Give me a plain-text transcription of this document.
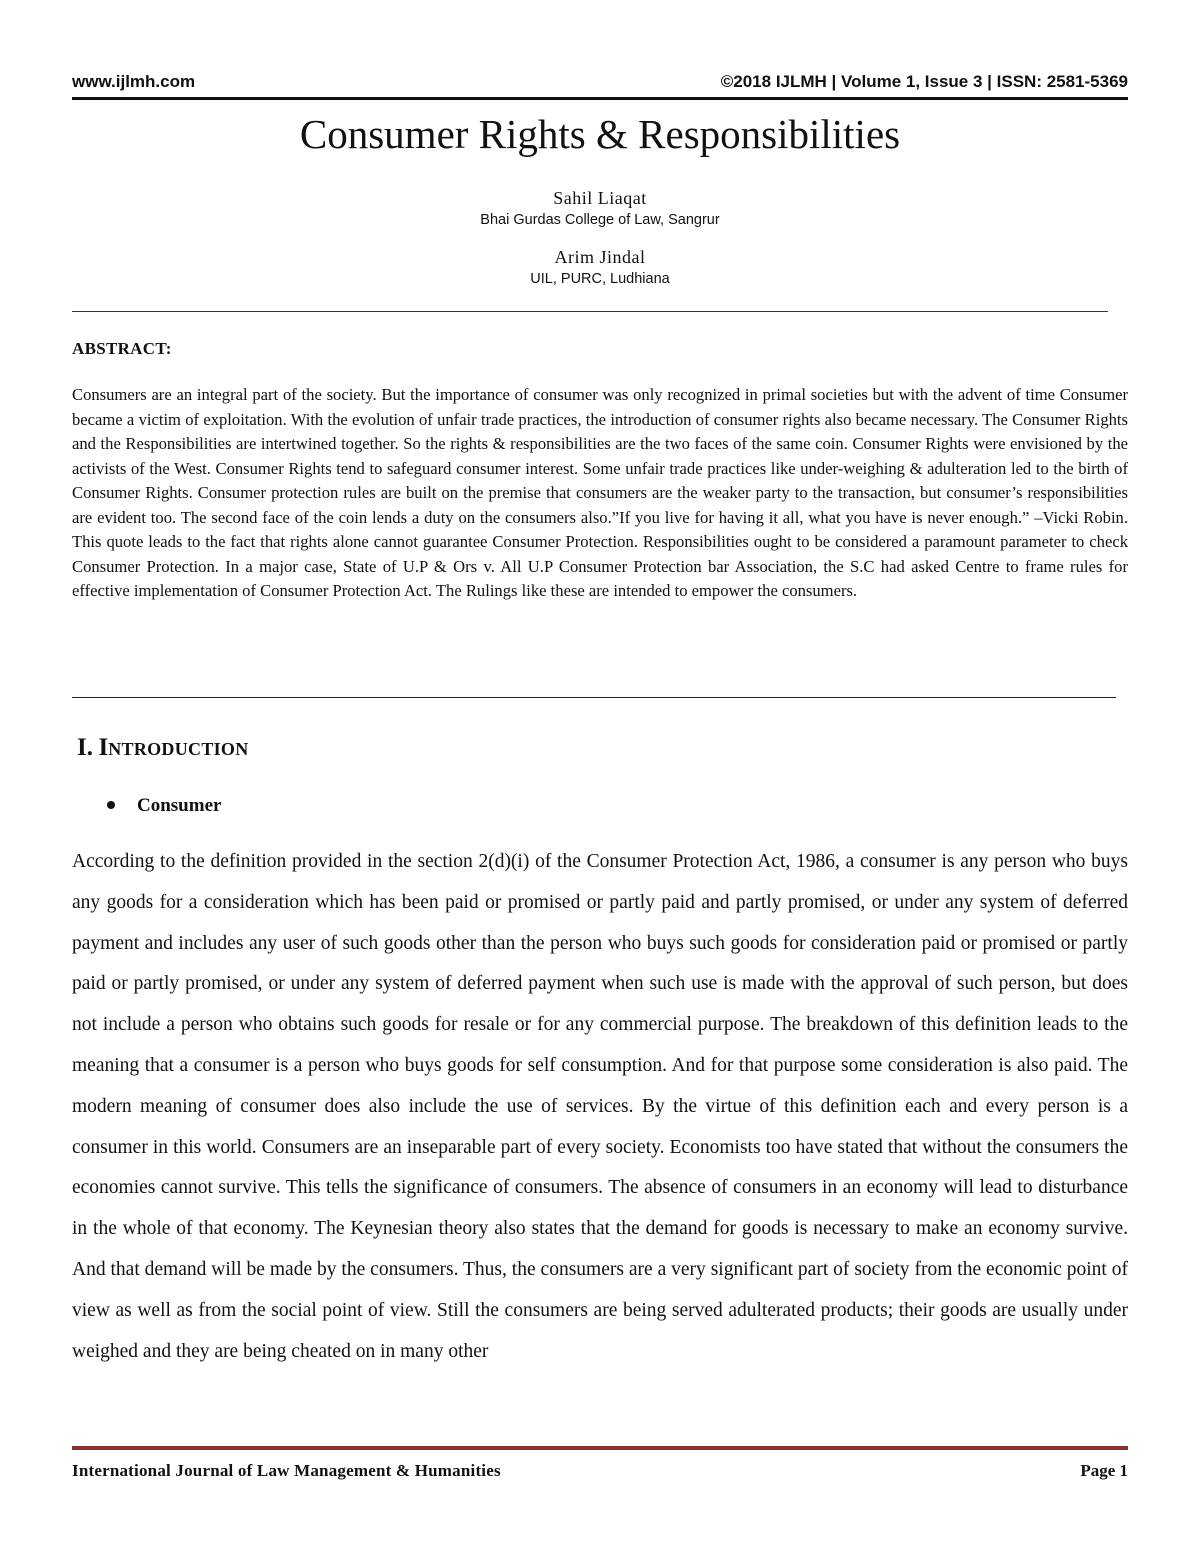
www.ijlmh.com	©2018 IJLMH | Volume 1, Issue 3 | ISSN: 2581-5369
Consumer Rights & Responsibilities
Sahil Liaqat
Bhai Gurdas College of Law, Sangrur
Arim Jindal
UIL, PURC, Ludhiana
ABSTRACT:
Consumers are an integral part of the society. But the importance of consumer was only recognized in primal societies but with the advent of time Consumer became a victim of exploitation. With the evolution of unfair trade practices, the introduction of consumer rights also became necessary. The Consumer Rights and the Responsibilities are intertwined together. So the rights & responsibilities are the two faces of the same coin. Consumer Rights were envisioned by the activists of the West. Consumer Rights tend to safeguard consumer interest. Some unfair trade practices like under-weighing & adulteration led to the birth of Consumer Rights. Consumer protection rules are built on the premise that consumers are the weaker party to the transaction, but consumer’s responsibilities are evident too. The second face of the coin lends a duty on the consumers also.”If you live for having it all, what you have is never enough.” –Vicki Robin. This quote leads to the fact that rights alone cannot guarantee Consumer Protection. Responsibilities ought to be considered a paramount parameter to check Consumer Protection. In a major case, State of U.P & Ors v. All U.P Consumer Protection bar Association, the S.C had asked Centre to frame rules for effective implementation of Consumer Protection Act. The Rulings like these are intended to empower the consumers.
I. INTRODUCTION
Consumer
According to the definition provided in the section 2(d)(i) of the Consumer Protection Act, 1986, a consumer is any person who buys any goods for a consideration which has been paid or promised or partly paid and partly promised, or under any system of deferred payment and includes any user of such goods other than the person who buys such goods for consideration paid or promised or partly paid or partly promised, or under any system of deferred payment when such use is made with the approval of such person, but does not include a person who obtains such goods for resale or for any commercial purpose. The breakdown of this definition leads to the meaning that a consumer is a person who buys goods for self consumption. And for that purpose some consideration is also paid. The modern meaning of consumer does also include the use of services. By the virtue of this definition each and every person is a consumer in this world. Consumers are an inseparable part of every society. Economists too have stated that without the consumers the economies cannot survive. This tells the significance of consumers. The absence of consumers in an economy will lead to disturbance in the whole of that economy. The Keynesian theory also states that the demand for goods is necessary to make an economy survive. And that demand will be made by the consumers. Thus, the consumers are a very significant part of society from the economic point of view as well as from the social point of view. Still the consumers are being served adulterated products; their goods are usually under weighed and they are being cheated on in many other
International Journal of Law Management & Humanities	Page 1
